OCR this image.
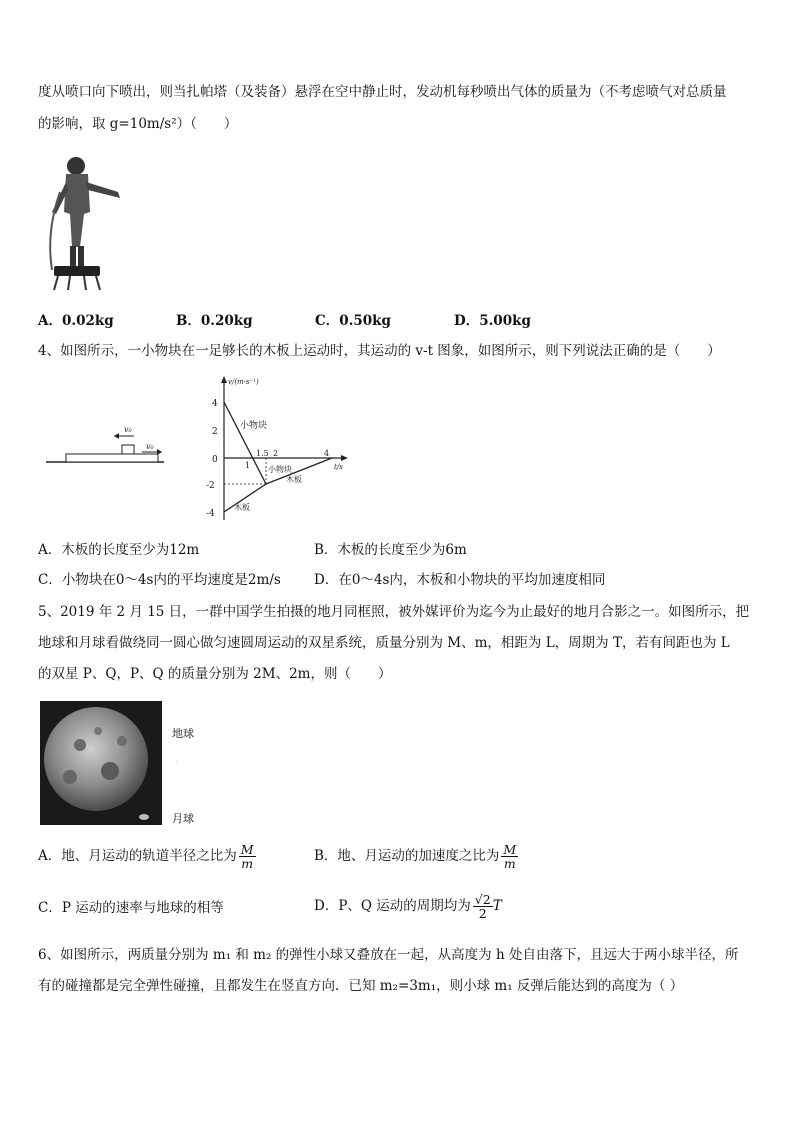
度从喷口向下喷出，则当扎帕塔（及装备）悬浮在空中静止时，发动机每秒喷出气体的质量为（不考虑喷气对总质量
的影响，取 g=10m/s²）（　　）
A．0.02kg	B．0.20kg	C．0.50kg	D．5.00kg
4、如图所示，一小物块在一足够长的木板上运动时，其运动的 v-t 图象，如图所示，则下列说法正确的是（　　）
v₀
v₀
v/(m·s⁻¹)
t/s
4
2
0
-2
-4
1
1.5 2	4
小物块
小物块
木板
木板
A．木板的长度至少为12m	B．木板的长度至少为6m
C．小物块在0～4s内的平均速度是2m/s D．在0～4s内，木板和小物块的平均加速度相同
5、2019 年 2 月 15 日，一群中国学生拍摄的地月同框照，被外媒评价为迄今为止最好的地月合影之一。如图所示，把
地球和月球看做绕同一圆心做匀速圆周运动的双星系统，质量分别为 M、m，相距为 L，周期为 T，若有间距也为 L
的双星 P、Q，P、Q 的质量分别为 2M、2m，则（　　）
地球
月球
·
A．地、月运动的轨道半径之比为 $\frac{M}{m}$	B．地、月运动的加速度之比为 $\frac{M}{m}$
C．P 运动的速率与地球的相等	D．P、Q 运动的周期均为 $\frac{√2}{2}$ T
6、如图所示，两质量分别为 m₁ 和 m₂ 的弹性小球又叠放在一起，从高度为 h 处自由落下，且远大于两小球半径，所
有的碰撞都是完全弹性碰撞，且都发生在竖直方向．已知 m₂=3m₁，则小球 m₁ 反弹后能达到的高度为（ ）
